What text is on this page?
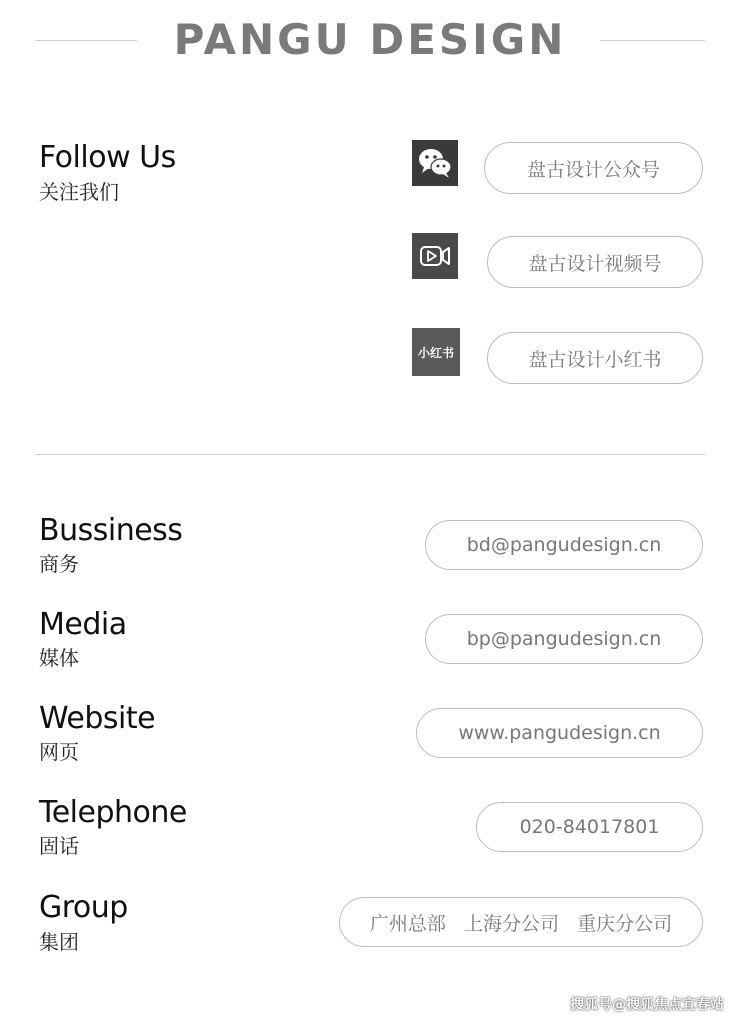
PANGU DESIGN
Follow Us
关注我们
盘古设计公众号
盘古设计视频号
小红书	盘古设计小红书
Bussiness
商务
bd@pangudesign.cn
Media
媒体
bp@pangudesign.cn
Website
网页
www.pangudesign.cn
Telephone
固话
020-84017801
Group
集团
广州总部   上海分公司   重庆分公司
搜狐号@搜狐焦点宜春站
